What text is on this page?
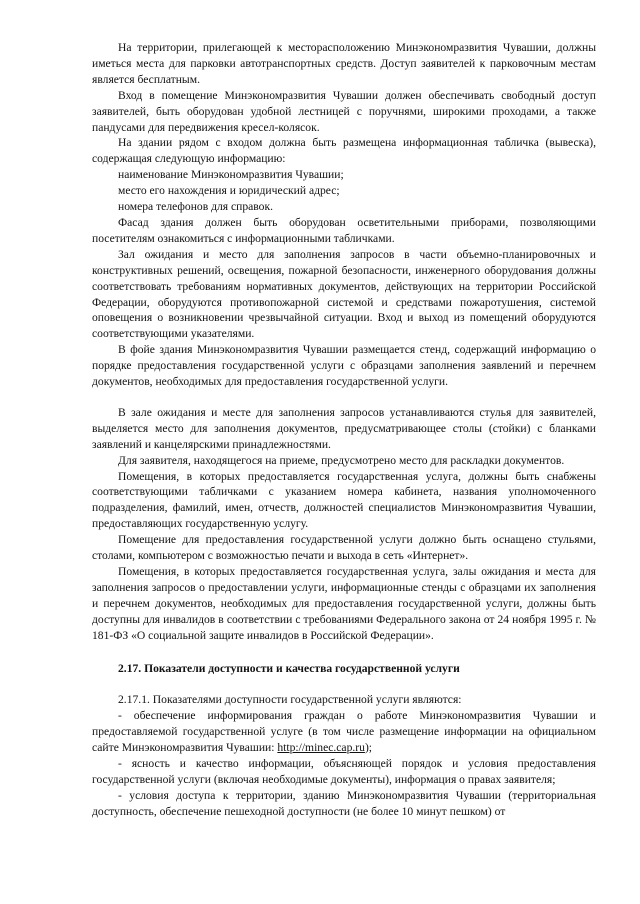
На территории, прилегающей к месторасположению Минэкономразвития Чувашии, должны иметься места для парковки автотранспортных средств. Доступ заявителей к парковочным местам является бесплатным.

Вход в помещение Минэкономразвития Чувашии должен обеспечивать свободный доступ заявителей, быть оборудован удобной лестницей с поручнями, широкими проходами, а также пандусами для передвижения кресел-колясок.

На здании рядом с входом должна быть размещена информационная табличка (вывеска), содержащая следующую информацию:

наименование Минэкономразвития Чувашии;

место его нахождения и юридический адрес;

номера телефонов для справок.

Фасад здания должен быть оборудован осветительными приборами, позволяющими посетителям ознакомиться с информационными табличками.

Зал ожидания и место для заполнения запросов в части объемно-планировочных и конструктивных решений, освещения, пожарной безопасности, инженерного оборудования должны соответствовать требованиям нормативных документов, действующих на территории Российской Федерации, оборудуются противопожарной системой и средствами пожаротушения, системой оповещения о возникновении чрезвычайной ситуации. Вход и выход из помещений оборудуются соответствующими указателями.

В фойе здания Минэкономразвития Чувашии размещается стенд, содержащий информацию о порядке предоставления государственной услуги с образцами заполнения заявлений и перечнем документов, необходимых для предоставления государственной услуги.

В зале ожидания и месте для заполнения запросов устанавливаются стулья для заявителей, выделяется место для заполнения документов, предусматривающее столы (стойки) с бланками заявлений и канцелярскими принадлежностями.

Для заявителя, находящегося на приеме, предусмотрено место для раскладки документов.

Помещения, в которых предоставляется государственная услуга, должны быть снабжены соответствующими табличками с указанием номера кабинета, названия уполномоченного подразделения, фамилий, имен, отчеств, должностей специалистов Минэкономразвития Чувашии, предоставляющих государственную услугу.

Помещение для предоставления государственной услуги должно быть оснащено стульями, столами, компьютером с возможностью печати и выхода в сеть «Интернет».

Помещения, в которых предоставляется государственная услуга, залы ожидания и места для заполнения запросов о предоставлении услуги, информационные стенды с образцами их заполнения и перечнем документов, необходимых для предоставления государственной услуги, должны быть доступны для инвалидов в соответствии с требованиями Федерального закона от 24 ноября 1995 г. № 181-ФЗ «О социальной защите инвалидов в Российской Федерации».

2.17. Показатели доступности и качества государственной услуги

2.17.1. Показателями доступности государственной услуги являются:

- обеспечение информирования граждан о работе Минэкономразвития Чувашии и предоставляемой государственной услуге (в том числе размещение информации на официальном сайте Минэкономразвития Чувашии: http://minec.cap.ru);

- ясность и качество информации, объясняющей порядок и условия предоставления государственной услуги (включая необходимые документы), информация о правах заявителя;

- условия доступа к территории, зданию Минэкономразвития Чувашии (территориальная доступность, обеспечение пешеходной доступности (не более 10 минут пешком) от
